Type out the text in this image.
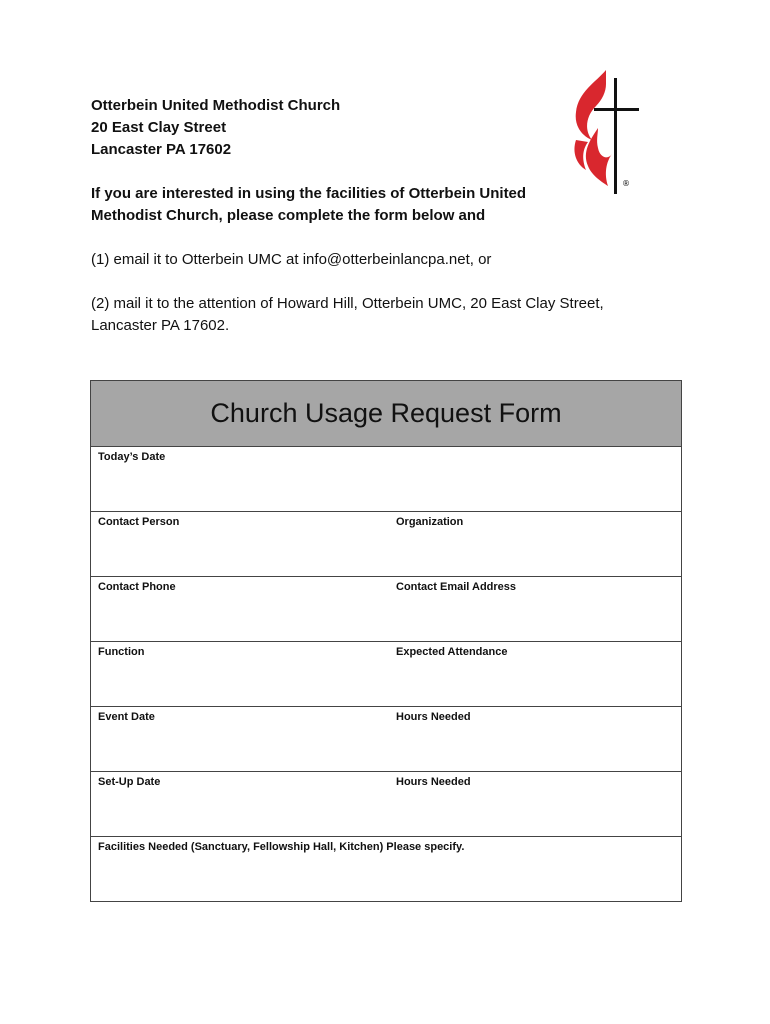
Otterbein United Methodist Church
20 East Clay Street
Lancaster PA 17602
®
If you are interested in using the facilities of Otterbein United Methodist Church, please complete the form below and
(1) email it to Otterbein UMC at info@otterbeinlancpa.net, or
(2) mail it to the attention of Howard Hill, Otterbein UMC, 20 East Clay Street, Lancaster PA 17602.
Church Usage Request Form
Today’s Date
Contact Person	Organization
Contact Phone	Contact Email Address
Function	Expected Attendance
Event Date	Hours Needed
Set-Up Date	Hours Needed
Facilities Needed (Sanctuary, Fellowship Hall, Kitchen) Please specify.
